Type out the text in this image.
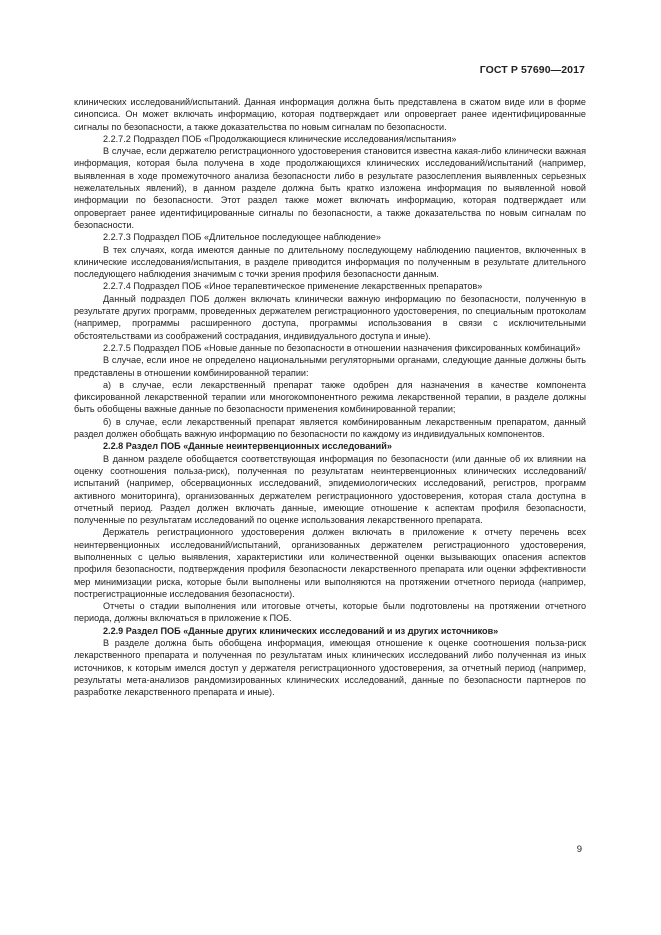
ГОСТ Р 57690—2017

клинических исследований/испытаний. Данная информация должна быть представлена в сжатом виде или в форме синопсиса. Он может включать информацию, которая подтверждает или опровергает ранее идентифицированные сигналы по безопасности, а также доказательства по новым сигналам по безопасности.

2.2.7.2 Подраздел ПОБ «Продолжающиеся клинические исследования/испытания»

В случае, если держателю регистрационного удостоверения становится известна какая-либо клинически важная информация, которая была получена в ходе продолжающихся клинических исследований/испытаний (например, выявленная в ходе промежуточного анализа безопасности либо в результате разослепления выявленных серьезных нежелательных явлений), в данном разделе должна быть кратко изложена информация по выявленной новой информации по безопасности. Этот раздел также может включать информацию, которая подтверждает или опровергает ранее идентифицированные сигналы по безопасности, а также доказательства по новым сигналам по безопасности.

2.2.7.3 Подраздел ПОБ «Длительное последующее наблюдение»

В тех случаях, когда имеются данные по длительному последующему наблюдению пациентов, включенных в клинические исследования/испытания, в разделе приводится информация по полученным в результате длительного последующего наблюдения значимым с точки зрения профиля безопасности данным.

2.2.7.4 Подраздел ПОБ «Иное терапевтическое применение лекарственных препаратов»

Данный подраздел ПОБ должен включать клинически важную информацию по безопасности, полученную в результате других программ, проведенных держателем регистрационного удостоверения, по специальным протоколам (например, программы расширенного доступа, программы использования в связи с исключительными обстоятельствами из соображений сострадания, индивидуального доступа и иные).

2.2.7.5 Подраздел ПОБ «Новые данные по безопасности в отношении назначения фиксированных комбинаций»

В случае, если иное не определено национальными регуляторными органами, следующие данные должны быть представлены в отношении комбинированной терапии:

а) в случае, если лекарственный препарат также одобрен для назначения в качестве компонента фиксированной лекарственной терапии или многокомпонентного режима лекарственной терапии, в разделе должны быть обобщены важные данные по безопасности применения комбинированной терапии;

б) в случае, если лекарственный препарат является комбинированным лекарственным препаратом, данный раздел должен обобщать важную информацию по безопасности по каждому из индивидуальных компонентов.

2.2.8 Раздел ПОБ «Данные неинтервенционных исследований»

В данном разделе обобщается соответствующая информация по безопасности (или данные об их влиянии на оценку соотношения польза-риск), полученная по результатам неинтервенционных клинических исследований/испытаний (например, обсервационных исследований, эпидемиологических исследований, регистров, программ активного мониторинга), организованных держателем регистрационного удостоверения, которая стала доступна в отчетный период. Раздел должен включать данные, имеющие отношение к аспектам профиля безопасности, полученные по результатам исследований по оценке использования лекарственного препарата.

Держатель регистрационного удостоверения должен включать в приложение к отчету перечень всех неинтервенционных исследований/испытаний, организованных держателем регистрационного удостоверения, выполненных с целью выявления, характеристики или количественной оценки вызывающих опасения аспектов профиля безопасности, подтверждения профиля безопасности лекарственного препарата или оценки эффективности мер минимизации риска, которые были выполнены или выполняются на протяжении отчетного периода (например, пострегистрационные исследования безопасности).

Отчеты о стадии выполнения или итоговые отчеты, которые были подготовлены на протяжении отчетного периода, должны включаться в приложение к ПОБ.

2.2.9 Раздел ПОБ «Данные других клинических исследований и из других источников»

В разделе должна быть обобщена информация, имеющая отношение к оценке соотношения польза-риск лекарственного препарата и полученная по результатам иных клинических исследований либо полученная из иных источников, к которым имелся доступ у держателя регистрационного удостоверения, за отчетный период (например, результаты мета-анализов рандомизированных клинических исследований, данные по безопасности партнеров по разработке лекарственного препарата и иные).

9
